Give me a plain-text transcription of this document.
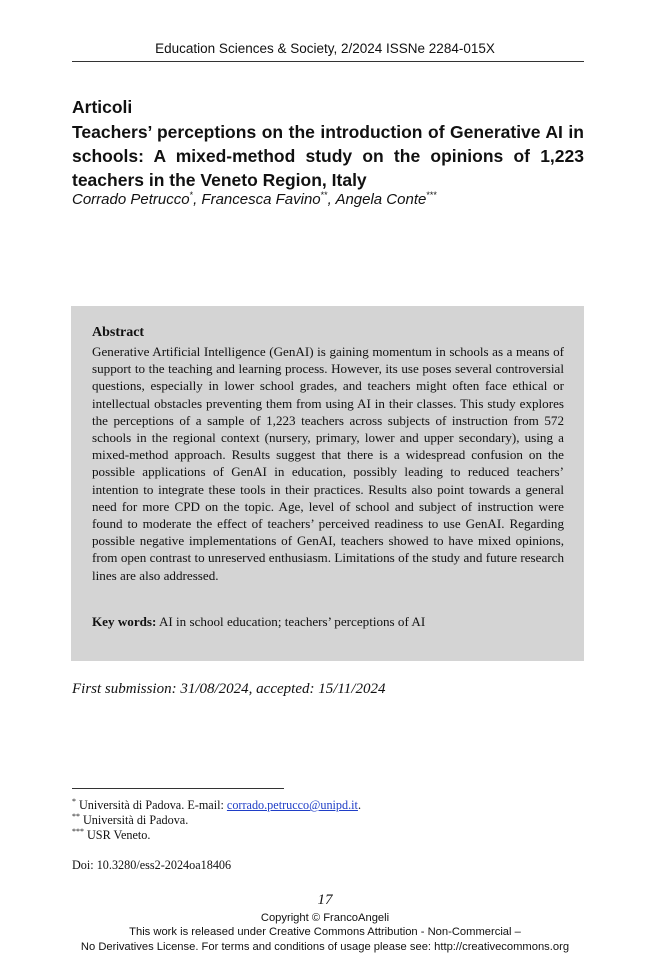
Education Sciences & Society, 2/2024 ISSNe 2284-015X
Articoli
Teachers’ perceptions on the introduction of Generative AI in schools: A mixed-method study on the opinions of 1,223 teachers in the Veneto Region, Italy
Corrado Petrucco*, Francesca Favino**, Angela Conte***
Abstract

Generative Artificial Intelligence (GenAI) is gaining momentum in schools as a means of support to the teaching and learning process. However, its use poses several controversial questions, especially in lower school grades, and teachers might often face ethical or intellectual obstacles preventing them from using AI in their classes. This study explores the perceptions of a sample of 1,223 teachers across subjects of instruction from 572 schools in the regional context (nursery, primary, lower and upper secondary), using a mixed-method approach. Results suggest that there is a widespread confusion on the possible applications of GenAI in education, possibly leading to reduced teachers’ intention to integrate these tools in their practices. Results also point towards a general need for more CPD on the topic. Age, level of school and subject of instruction were found to moderate the effect of teachers’ perceived readiness to use GenAI. Regarding possible negative implementations of GenAI, teachers showed to have mixed opinions, from open contrast to unreserved enthusiasm. Limitations of the study and future research lines are also addressed.

Key words: AI in school education; teachers’ perceptions of AI
First submission: 31/08/2024, accepted: 15/11/2024
* Università di Padova. E-mail: corrado.petrucco@unipd.it.
** Università di Padova.
*** USR Veneto.
Doi: 10.3280/ess2-2024oa18406
17
Copyright © FrancoAngeli
This work is released under Creative Commons Attribution - Non-Commercial –
No Derivatives License. For terms and conditions of usage please see: http://creativecommons.org
